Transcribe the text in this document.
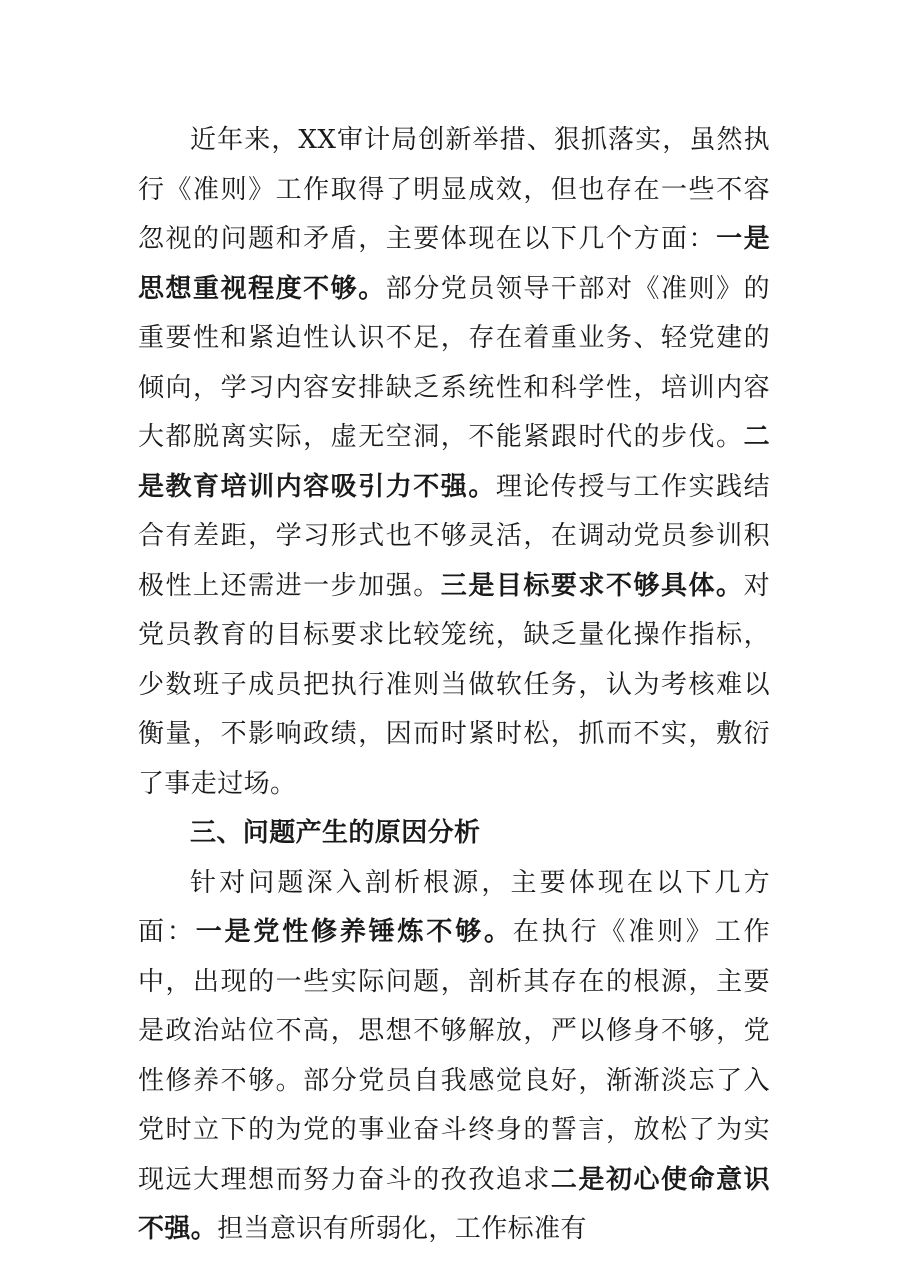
近年来，XX审计局创新举措、狠抓落实，虽然执行《准则》工作取得了明显成效，但也存在一些不容忽视的问题和矛盾，主要体现在以下几个方面：一是思想重视程度不够。部分党员领导干部对《准则》的重要性和紧迫性认识不足，存在着重业务、轻党建的倾向，学习内容安排缺乏系统性和科学性，培训内容大都脱离实际，虚无空洞，不能紧跟时代的步伐。二是教育培训内容吸引力不强。理论传授与工作实践结合有差距，学习形式也不够灵活，在调动党员参训积极性上还需进一步加强。三是目标要求不够具体。对党员教育的目标要求比较笼统，缺乏量化操作指标，少数班子成员把执行准则当做软任务，认为考核难以衡量，不影响政绩，因而时紧时松，抓而不实，敷衍了事走过场。

三、问题产生的原因分析

针对问题深入剖析根源，主要体现在以下几方面：一是党性修养锤炼不够。在执行《准则》工作中，出现的一些实际问题，剖析其存在的根源，主要是政治站位不高，思想不够解放，严以修身不够，党性修养不够。部分党员自我感觉良好，渐渐淡忘了入党时立下的为党的事业奋斗终身的誓言，放松了为实现远大理想而努力奋斗的孜孜追求二是初心使命意识不强。担当意识有所弱化，工作标准有
